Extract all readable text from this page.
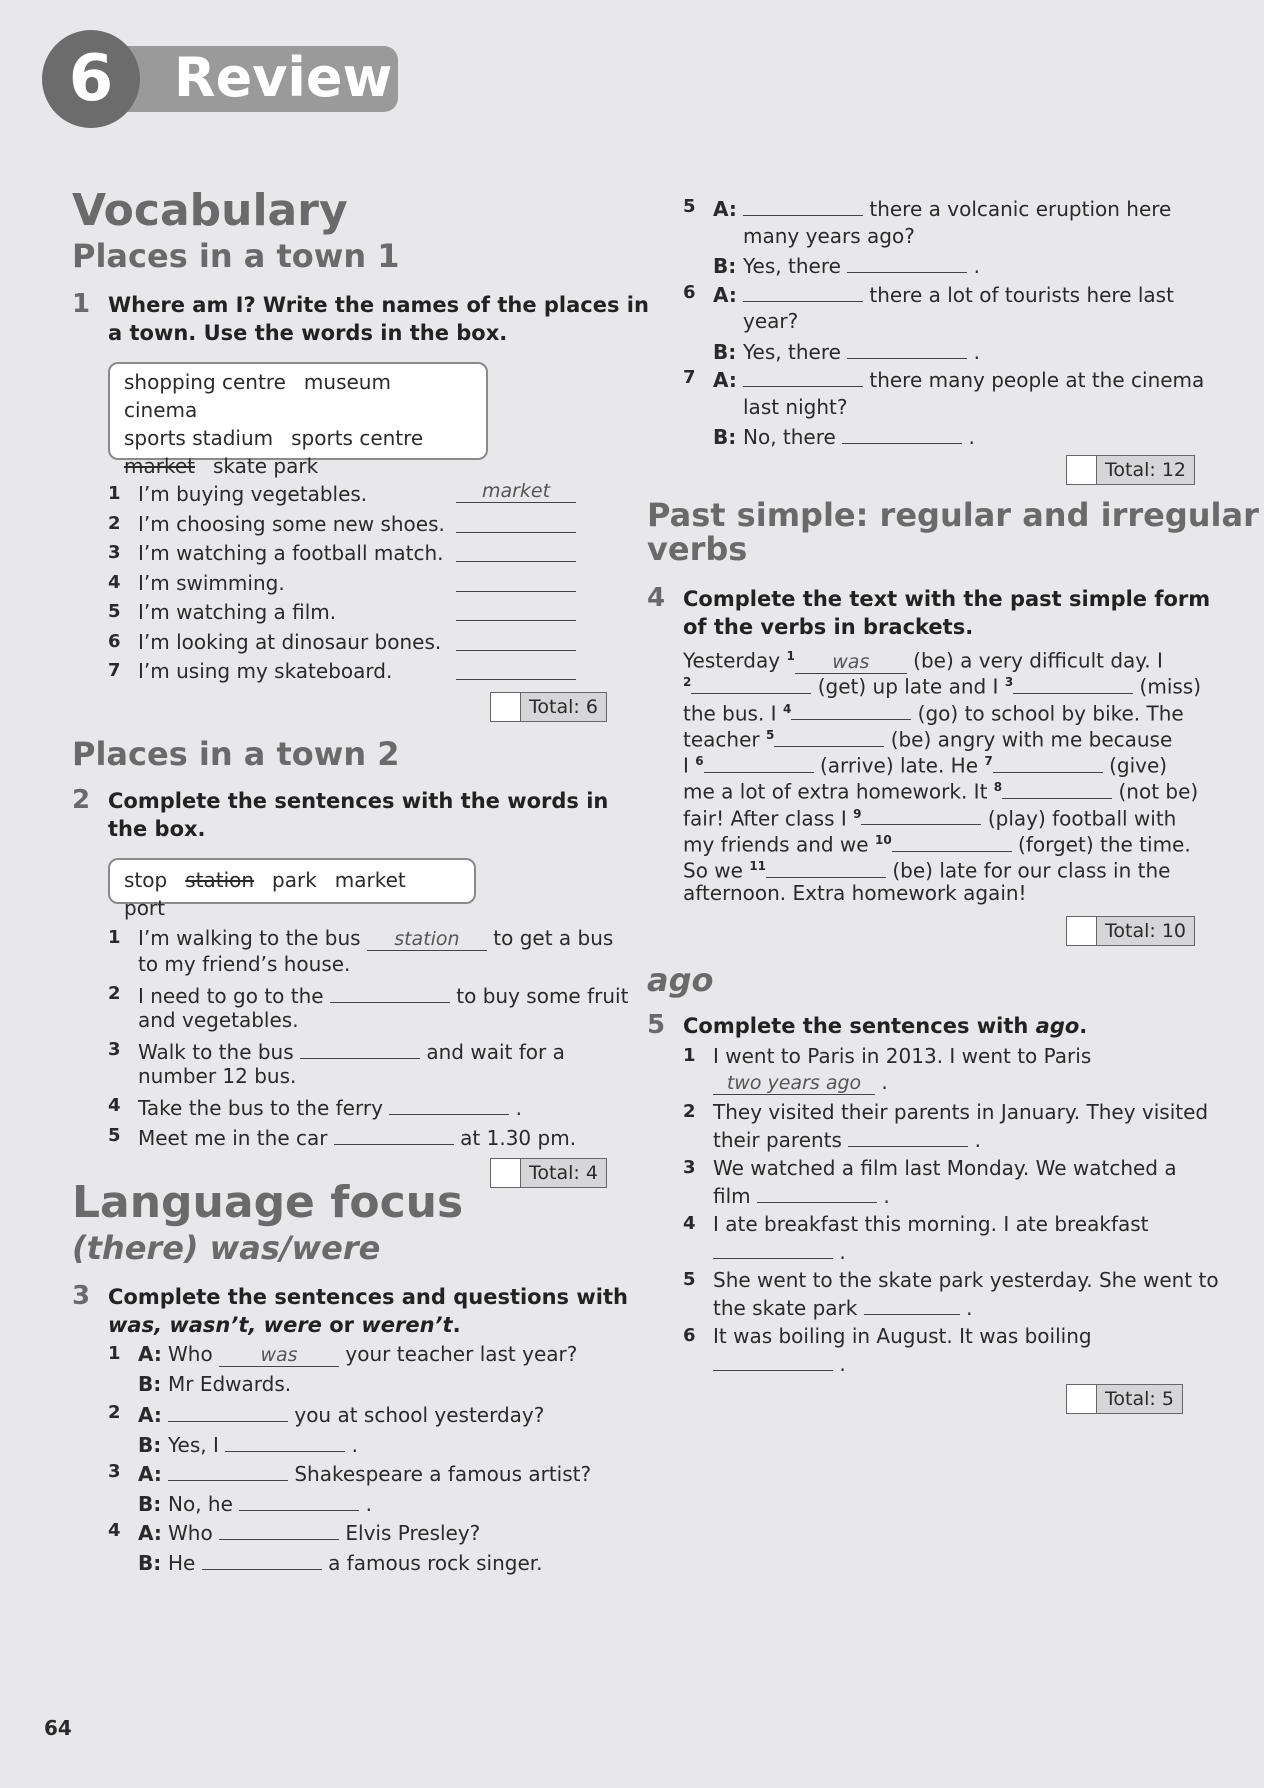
6	Review
Vocabulary
Places in a town 1
1 Where am I? Write the names of the places in
a town. Use the words in the box.
shopping centre museumcinema
sports stadium sports centre
market skate park
1 I’m buying vegetables.	market
2 I’m choosing some new shoes.
3 I’m watching a football match.
4 I’m swimming.
5 I’m watching a film.
6 I’m looking at dinosaur bones.
7 I’m using my skateboard.
Total: 6
Places in a town 2
2 Complete the sentences with the words in
the box.
stop station park marketport
1 I’m walking to the bus station to get a bus
to my friend’s house.
2 I need to go to the	to buy some fruit
and vegetables.
3 Walk to the bus	and wait for a
number 12 bus.
4 Take the bus to the ferry	.
5 Meet me in the car	at 1.30 pm.
Total: 4
Language focus
(there) was/were
3 Complete the sentences and questions with
was, wasn’t, were or weren’t.
1 A: Who	was your teacher last year?
B: Mr Edwards.
2 A:	you at school yesterday?
B: Yes, I	.
3 A:	Shakespeare a famous artist?
B: No, he	.
4 A: Who	Elvis Presley?
B: He	a famous rock singer.
5 A:	there a volcanic eruption here
many years ago?
B: Yes, there	.
6 A:	there a lot of tourists here last
year?
B: Yes, there	.
7 A:	there many people at the cinema
last night?
B: No, there	.
Total: 12
Past simple: regular and irregular
verbs
4 Complete the text with the past simple form
of the verbs in brackets.
Yesterday $^1$ was (be) a very difficult day. I
$^2$	(get) up late and I $^3$	(miss)
the bus. I $^4$	(go) to school by bike. The
teacher $^5$	(be) angry with me because
I $^6$	(arrive) late. He $^7$	(give)
me a lot of extra homework. It $^8$	(not be)
fair! After class I $^9$	(play) football with
my friends and we $^{10}$	(forget) the time.
So we $^{11}$	(be) late for our class in the
afternoon. Extra homework again!
Total: 10
ago
5 Complete the sentences with ago.
1 I went to Paris in 2013. I went to Paris
two years ago .
2 They visited their parents in January. They visited
their parents	.
3 We watched a film last Monday. We watched a
film	.
4 I ate breakfast this morning. I ate breakfast
.
5 She went to the skate park yesterday. She went to
the skate park	.
6 It was boiling in August. It was boiling
.
Total: 5
64
